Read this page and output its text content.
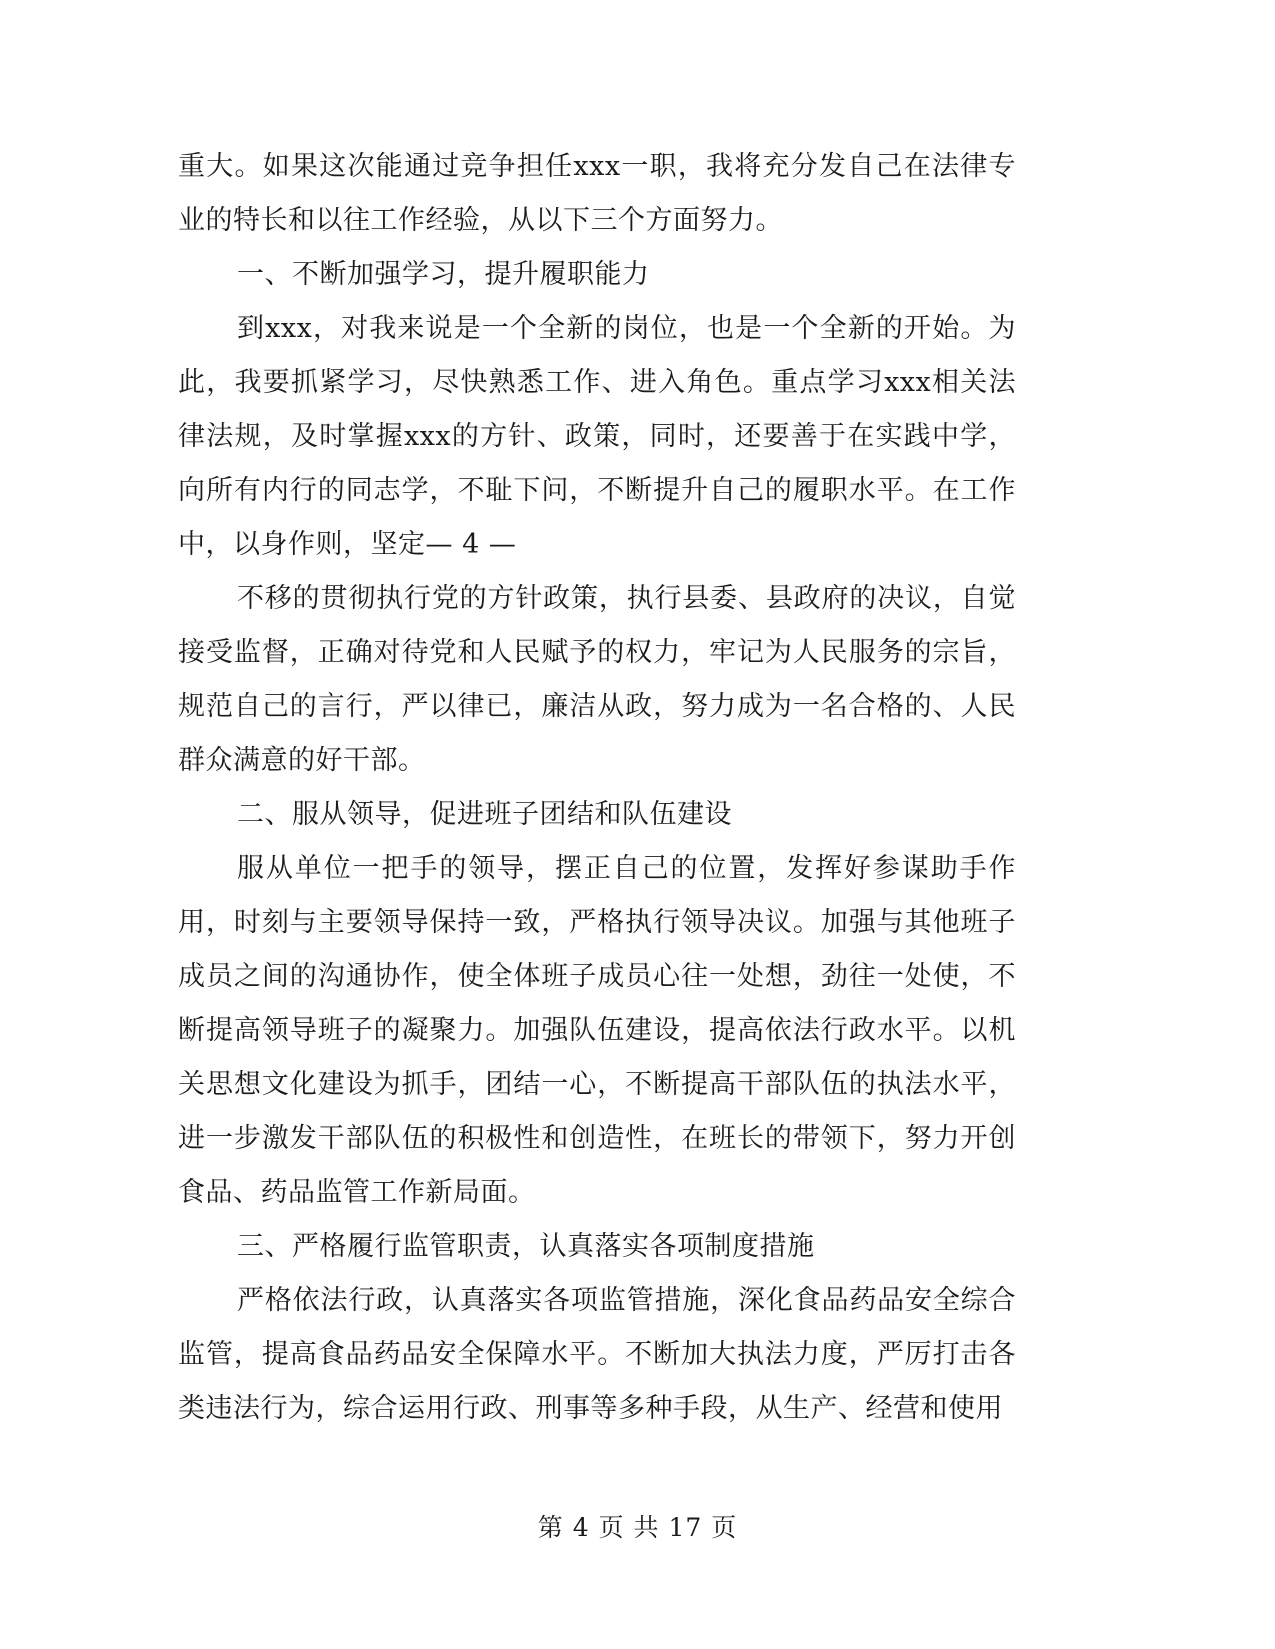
重大。如果这次能通过竞争担任xxx一职，我将充分发自己在法律专业的特长和以往工作经验，从以下三个方面努力。

一、不断加强学习，提升履职能力

到xxx，对我来说是一个全新的岗位，也是一个全新的开始。为此，我要抓紧学习，尽快熟悉工作、进入角色。重点学习xxx相关法律法规，及时掌握xxx的方针、政策，同时，还要善于在实践中学，向所有内行的同志学，不耻下问，不断提升自己的履职水平。在工作中，以身作则，坚定— 4 —

不移的贯彻执行党的方针政策，执行县委、县政府的决议，自觉接受监督，正确对待党和人民赋予的权力，牢记为人民服务的宗旨，规范自己的言行，严以律已，廉洁从政，努力成为一名合格的、人民群众满意的好干部。

二、服从领导，促进班子团结和队伍建设

服从单位一把手的领导，摆正自己的位置，发挥好参谋助手作用，时刻与主要领导保持一致，严格执行领导决议。加强与其他班子成员之间的沟通协作，使全体班子成员心往一处想，劲往一处使，不断提高领导班子的凝聚力。加强队伍建设，提高依法行政水平。以机关思想文化建设为抓手，团结一心，不断提高干部队伍的执法水平，进一步激发干部队伍的积极性和创造性，在班长的带领下，努力开创食品、药品监管工作新局面。

三、严格履行监管职责，认真落实各项制度措施

严格依法行政，认真落实各项监管措施，深化食品药品安全综合监管，提高食品药品安全保障水平。不断加大执法力度，严厉打击各类违法行为，综合运用行政、刑事等多种手段，从生产、经营和使用

第 4 页 共 17 页
